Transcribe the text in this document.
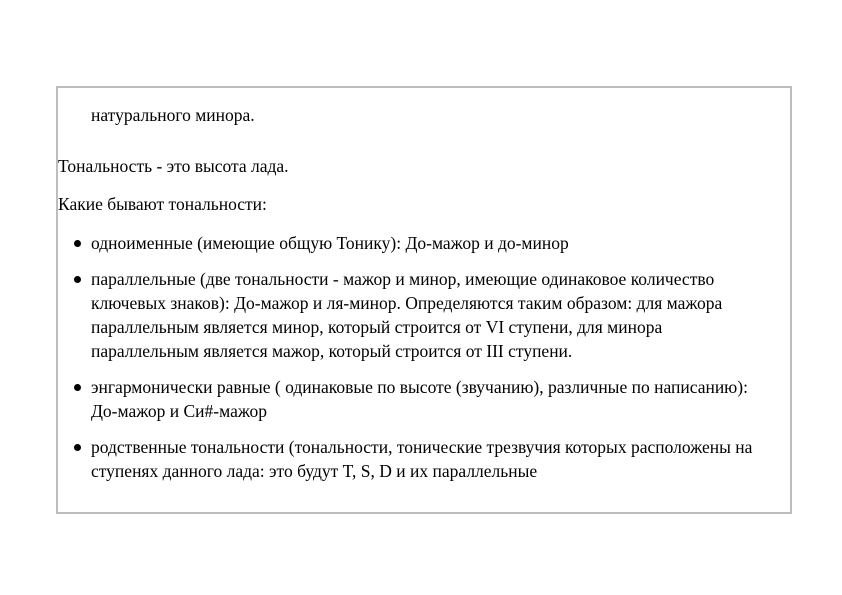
натурального минора.
Тональность - это высота лада.
Какие бывают тональности:
одноименные (имеющие общую Тонику): До-мажор и до-минор
параллельные (две тональности - мажор и минор, имеющие одинаковое количество ключевых знаков): До-мажор и ля-минор. Определяются таким образом: для мажора параллельным является минор, который строится от VI ступени, для минора параллельным является мажор, который строится от III ступени.
энгармонически равные ( одинаковые по высоте (звучанию), различные по написанию): До-мажор и Си#-мажор
родственные тональности (тональности, тонические трезвучия которых расположены на ступенях данного лада: это будут T, S, D и их параллельные
